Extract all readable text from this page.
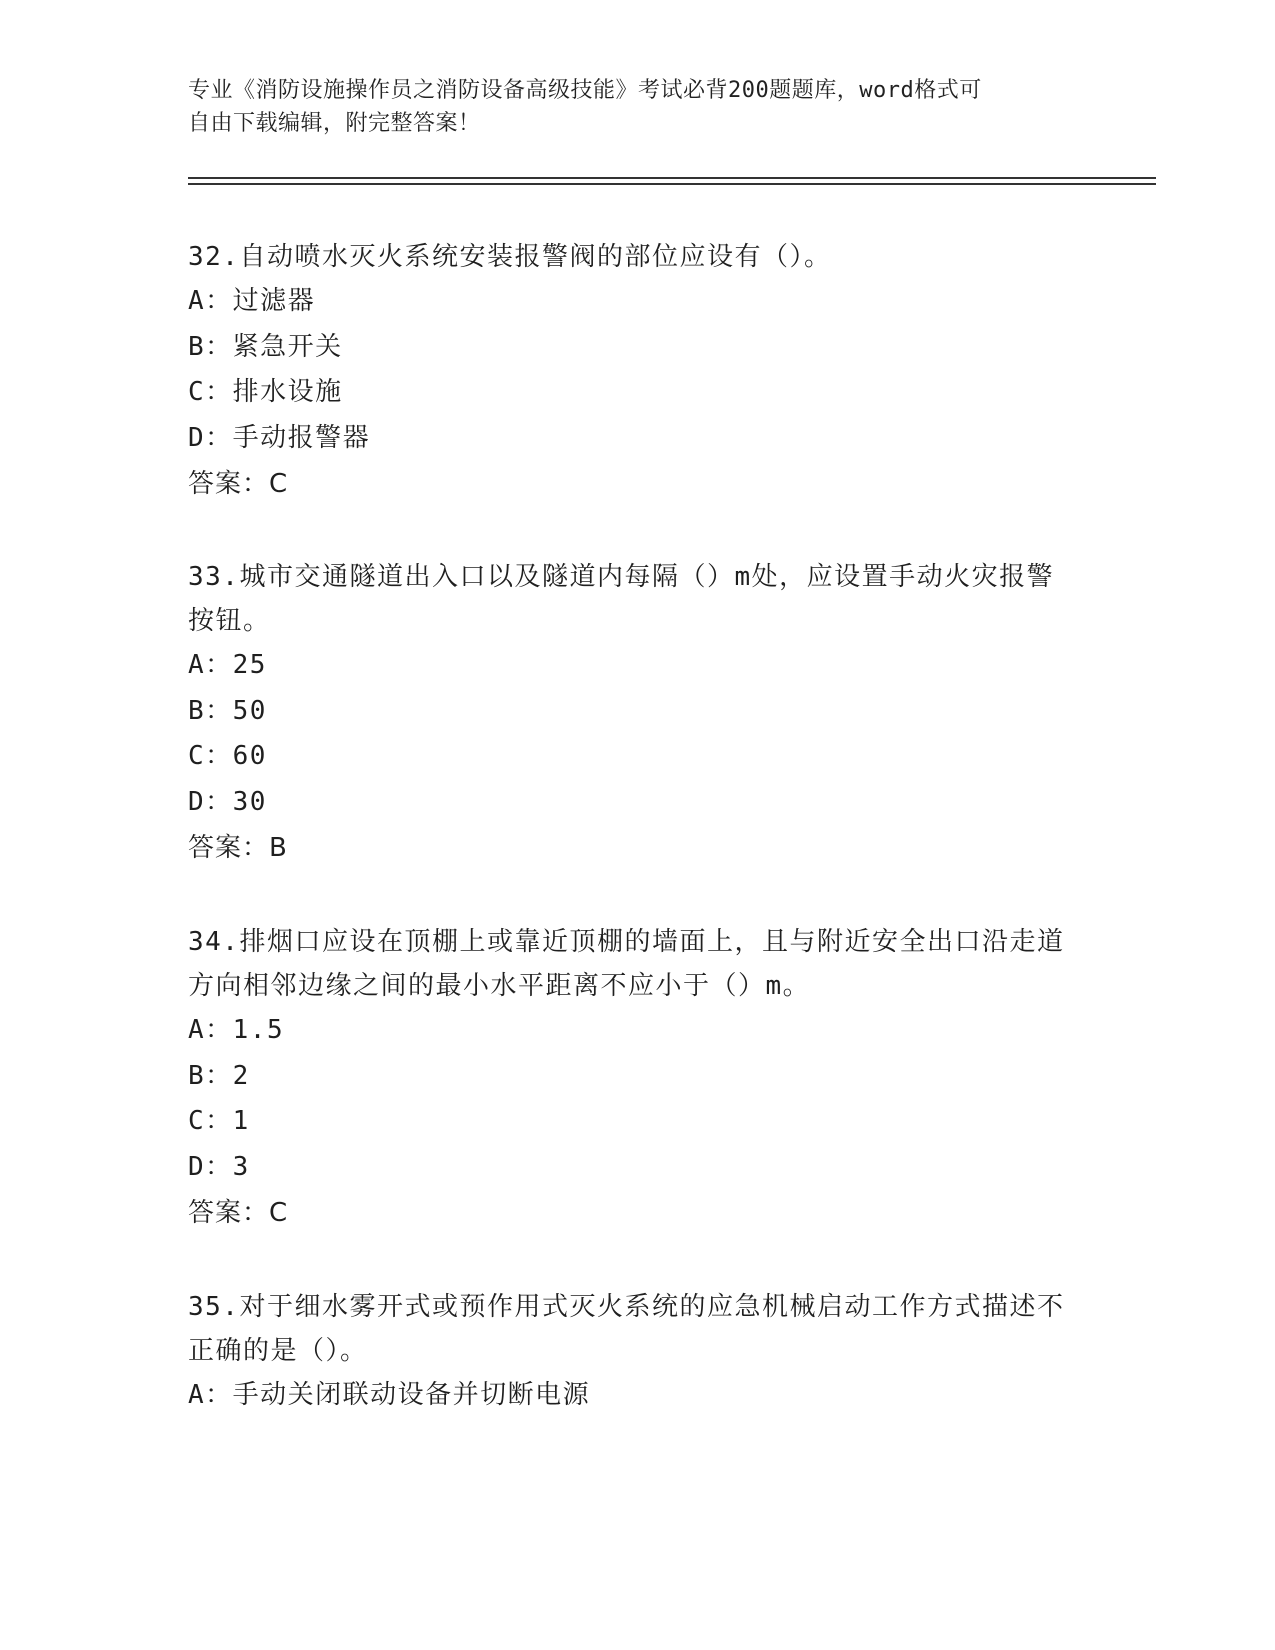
专业《消防设施操作员之消防设备高级技能》考试必背200题题库，word格式可
自由下载编辑，附完整答案！

32.自动喷水灭火系统安装报警阀的部位应设有（）。

A：过滤器

B：紧急开关

C：排水设施

D：手动报警器

答案：C

33.城市交通隧道出入口以及隧道内每隔（）m处，应设置手动火灾报警按钮。

A：25

B：50

C：60

D：30

答案：B

34.排烟口应设在顶棚上或靠近顶棚的墙面上，且与附近安全出口沿走道方向相邻边缘之间的最小水平距离不应小于（）m。

A：1.5

B：2

C：1

D：3

答案：C

35.对于细水雾开式或预作用式灭火系统的应急机械启动工作方式描述不正确的是（）。

A：手动关闭联动设备并切断电源
